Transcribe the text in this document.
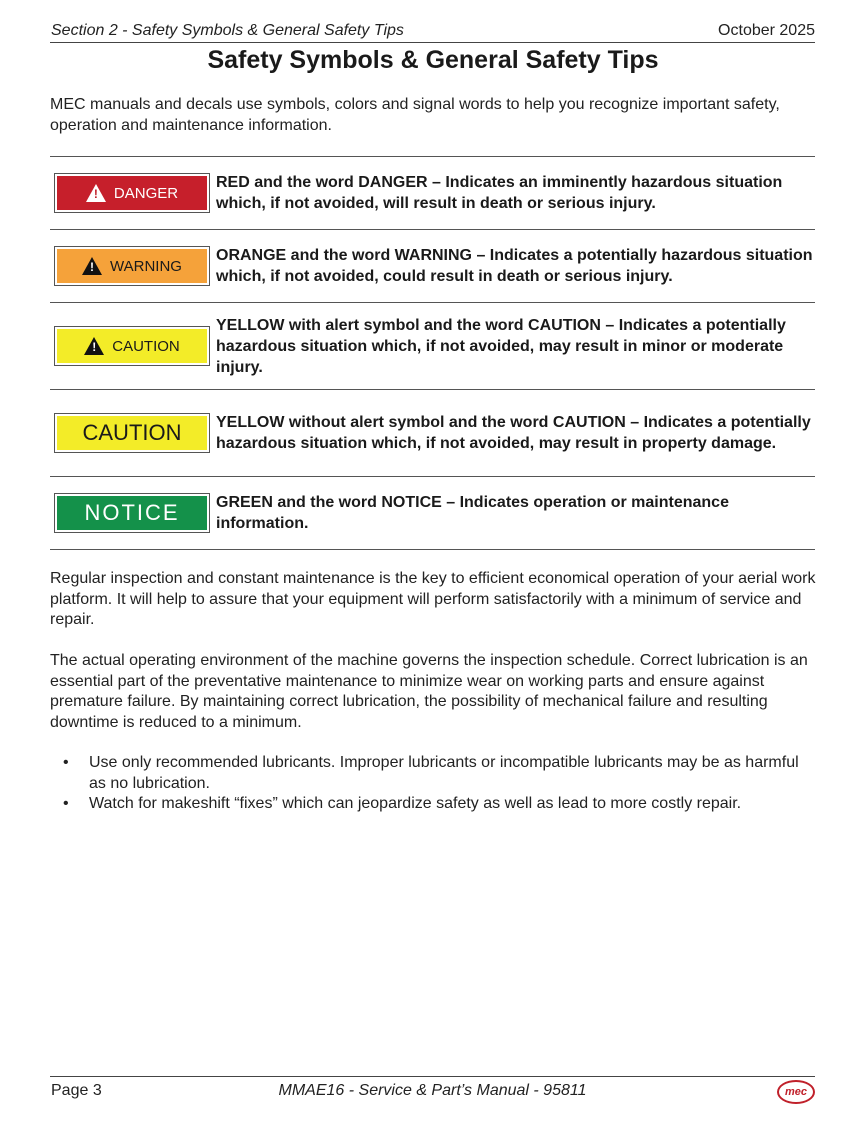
Section 2 - Safety Symbols & General Safety Tips	October 2025
Safety Symbols & General Safety Tips
MEC manuals and decals use symbols, colors and signal words to help you recognize important safety, operation and maintenance information.
! DANGER
RED and the word DANGER – Indicates an imminently hazardous situation which, if not avoided, will result in death or serious injury.
! WARNING
ORANGE and the word WARNING – Indicates a potentially hazardous situation which, if not avoided, could result in death or serious injury.
! CAUTION
YELLOW with alert symbol and the word CAUTION – Indicates a potentially hazardous situation which, if not avoided, may result in minor or moderate injury.
CAUTION YELLOW without alert symbol and the word CAUTION – Indicates a potentially hazardous situation which, if not avoided, may result in property damage.
NOTICE GREEN and the word NOTICE – Indicates operation or maintenance information.
Regular inspection and constant maintenance is the key to efficient economical operation of your aerial work platform. It will help to assure that your equipment will perform satisfactorily with a minimum of service and repair.
The actual operating environment of the machine governs the inspection schedule. Correct lubrication is an essential part of the preventative maintenance to minimize wear on working parts and ensure against premature failure. By maintaining correct lubrication, the possibility of mechanical failure and resulting downtime is reduced to a minimum.
• Use only recommended lubricants. Improper lubricants or incompatible lubricants may be as harmful as no lubrication.
• Watch for makeshift “fixes” which can jeopardize safety as well as lead to more costly repair.
Page 3	MMAE16 - Service & Part’s Manual - 95811	mec
